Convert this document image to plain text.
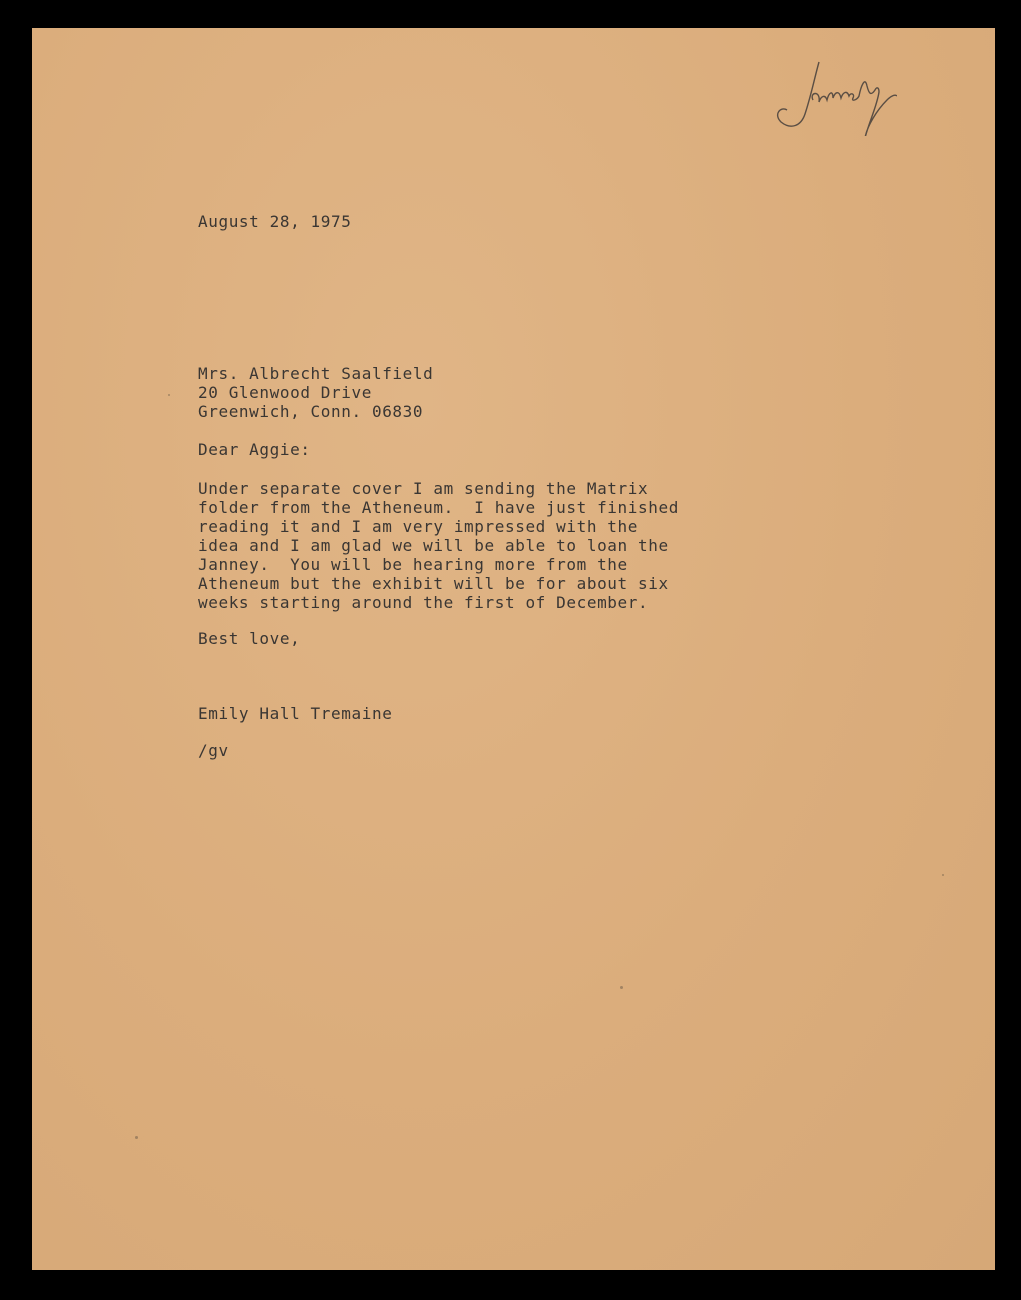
August 28, 1975
Mrs. Albrecht Saalfield
20 Glenwood Drive
Greenwich, Conn. 06830
Dear Aggie:
Under separate cover I am sending the Matrix
folder from the Atheneum.  I have just finished
reading it and I am very impressed with the
idea and I am glad we will be able to loan the
Janney.  You will be hearing more from the
Atheneum but the exhibit will be for about six
weeks starting around the first of December.
Best love,
Emily Hall Tremaine
/gv
